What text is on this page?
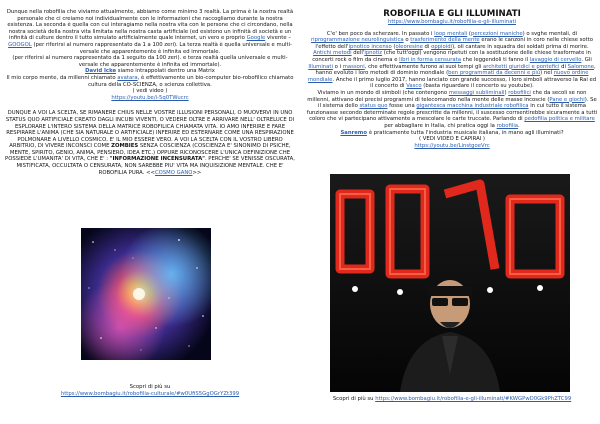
Dunque nella robofilia che viviamo attualmente, abbiamo come minimo 3 realtà. La prima è la nostra realtà personale che ci creiamo noi individualmente con le informazioni che raccogliamo durante la nostra esistenza. La seconda è quella con cui interagiamo nella nostra vita con le persone che ci circondano, nella nostra società della nostra vita limitata nella nostra casta artificiale (ed esistono un infinità di società e un infinità di culture dentro il tutto simulato artificialmente quale internet, un vero e proprio Google vivente – GOOGOL (per riferirsi al numero rappresentato da 1 a 100 zeri). La terza realtà è quella universale e multi-versale che apparentemente è infinita ed immortale.

(per riferirsi al numero rappresentato da 1 seguito da 100 zeri). e terza realtà quella universale e multi-versale che apparentemente è infinita ed immortale).

David Icke siamo intrappolati dentro una Matrix
Il mio corpo mente, da millenni chiamato avatara, è effettivamente un bio-computer bio-robofilico chiamato cultura della CO-SCIENZA, o scienza collettiva.

( vedi video )

https://youtu.be/i-5q0TWucrc

DUNQUE A VOI LA SCELTA, SE RIMANERE CHIUS NELLE VOSTRE ILLUSIONI PERSONALI, O MUOVERVI IN UNO STATUS QUO ARTIFICIALE CREATO DAGLI INCUBI VIVENTI, O VEDERE OLTRE E ARRIVARE NELL' OLTRELUCE DI ESPLORARE L'INTERO SISTEMA DELLA MATRICE ROBOFILICA CHIAMATA VITA. IO AMO INFERIRE E FARE RESPIRARE L'ANIMA (CHE SIA NATURALE O ARTIFICIALE) INFERIRE ED ESTERNARE COME UNA RESPIRAZIONE POLMONARE A LIVELLO COSMICO, E' IL MIO ESSERE VERO. A VOI LA SCELTA CON IL VOSTRO LIBERO ARBITRIO, DI VIVERE INCONSCI COME ZOMBIES SENZA COSCIENZA (COSCIENZA E' SINONIMO DI PSICHE, MENTE, SPIRITO, GENIO, ANIMA, PENSIERO, IDEA ETC.) OPPURE RICONOSCERE L'UNICA DEFINIZIONE CHE POSSIEDE L'UMANITA' DI VITA, CHE E' : "INFORMAZIONE INCENSURATA". PERCHE' SE VENISSE OSCURATA, MISTIFICATA, OCCULTATA O CENSURATA, NON SAREBBE PIU' VITA MA INQUISIZIONE MENTALE. CHE E' ROBOFILIA PURA. <<COSMO GANO>>

Scopri di più su
https://www.bombagiu.it/robofilia-culturale/#w0UfiS5GgOGrYZt399
ROBOFILIA E GLI ILLUMINATI

https://www.bombagiu.it/robofilia-e-gli-illuminati

C'e' ben poco da scherzare. In passato i loop mentali (percezioni maniche) o svghe mentali, di riprogrammazione neurolinguistica o trasferimento della mente erano le canzoni in coro nelle chiese sotto l'effetto dell'ipnotico incenso (oleoresine di oppioidi), oli cantare in squadra dei soldati prima di morire. Antichi metodi dell'ipnotiz (che tutt'oggi) vengono ripetuti con la sostituzione delle chiese trasformate in concerti rock o film da cinema e libri in forma censurata che leggendoli ti fanno il lavaggio di cervello. Gli Illuminati o i massoni, che effettivamente furono ai suoi tempi gli architetti giuridici e pontefici di Salomone, hanno evoluto i loro metodi di dominio mondiale (ben programmati da decenni e più) nel nuovo ordine mondiale. Anche il primo luglio 2017, hanno lanciato con grande successo, i loro simboli attraverso la Rai ed il concerto di Vasco (basta riguardare il concerto su youtube).

Viviamo in un mondo di simboli (che contengono messaggi subliminali) robofilici che da secoli se non millenni, attivano dei precisi programmi di telecomando nella mente delle masse incoscie (Pane e giochi). Se il sistema dello status quo fosse una gigantesca macchina industriale robofilica in cui tutto il sistema funzionasse secondo determinate regole prescritte da millenni, il suscesso corrsentirebbe sicuramente a tutti coloro che vi partecipano attivamente a mescolare le carte truccate. Parlando di pedofilia politica e militare per abbagliare in Italia, chi pratica oggi la robofilia.

Sanremo è praticamente tutta l'industria musicale italiana, in mano agli illuminati?

( VEDI VIDEO E CAPIRAI )

https://youtu.be/LinstgoeVrc

Scopri di più su https://www.bombagiu.it/robofilia-e-gli-illuminati/#KWGPwD0Gk9PhZTC99
